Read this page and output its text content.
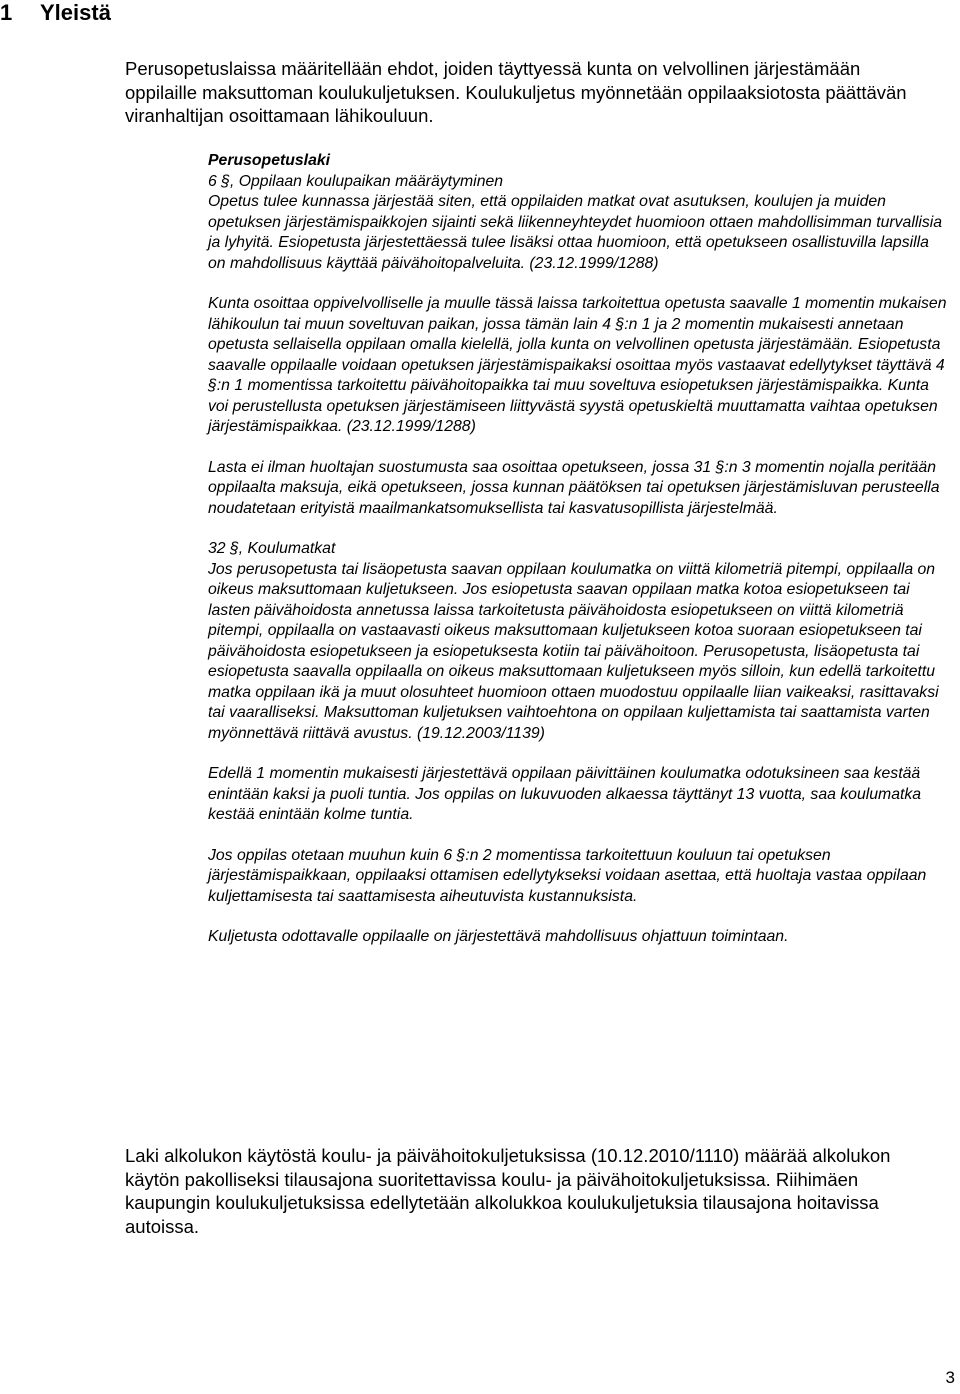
1 Yleistä

Perusopetuslaissa määritellään ehdot, joiden täyttyessä kunta on velvollinen järjestämään oppilaille maksuttoman koulukuljetuksen. Koulukuljetus myönnetään oppilaaksiotosta päättävän viranhaltijan osoittamaan lähikouluun.

Perusopetuslaki

6 §, Oppilaan koulupaikan määräytyminen

Opetus tulee kunnassa järjestää siten, että oppilaiden matkat ovat asutuksen, koulujen ja muiden opetuksen järjestämispaikkojen sijainti sekä liikenneyhteydet huomioon ottaen mahdollisimman turvallisia ja lyhyitä. Esiopetusta järjestettäessä tulee lisäksi ottaa huomioon, että opetukseen osallistuvilla lapsilla on mahdollisuus käyttää päivähoitopalveluita. (23.12.1999/1288)

Kunta osoittaa oppivelvolliselle ja muulle tässä laissa tarkoitettua opetusta saavalle 1 momentin mukaisen lähikoulun tai muun soveltuvan paikan, jossa tämän lain 4 §:n 1 ja 2 momentin mukaisesti annetaan opetusta sellaisella oppilaan omalla kielellä, jolla kunta on velvollinen opetusta järjestämään. Esiopetusta saavalle oppilaalle voidaan opetuksen järjestämispaikaksi osoittaa myös vastaavat edellytykset täyttävä 4 §:n 1 momentissa tarkoitettu päivähoitopaikka tai muu soveltuva esiopetuksen järjestämispaikka. Kunta voi perustellusta opetuksen järjestämiseen liittyvästä syystä opetuskieltä muuttamatta vaihtaa opetuksen järjestämispaikkaa. (23.12.1999/1288)

Lasta ei ilman huoltajan suostumusta saa osoittaa opetukseen, jossa 31 §:n 3 momentin nojalla peritään oppilaalta maksuja, eikä opetukseen, jossa kunnan päätöksen tai opetuksen järjestämisluvan perusteella noudatetaan erityistä maailmankatsomuksellista tai kasvatusopillista järjestelmää.

32 §, Koulumatkat

Jos perusopetusta tai lisäopetusta saavan oppilaan koulumatka on viittä kilometriä pitempi, oppilaalla on oikeus maksuttomaan kuljetukseen. Jos esiopetusta saavan oppilaan matka kotoa esiopetukseen tai lasten päivähoidosta annetussa laissa tarkoitetusta päivähoidosta esiopetukseen on viittä kilometriä pitempi, oppilaalla on vastaavasti oikeus maksuttomaan kuljetukseen kotoa suoraan esiopetukseen tai päivähoidosta esiopetukseen ja esiopetuksesta kotiin tai päivähoitoon. Perusopetusta, lisäopetusta tai esiopetusta saavalla oppilaalla on oikeus maksuttomaan kuljetukseen myös silloin, kun edellä tarkoitettu matka oppilaan ikä ja muut olosuhteet huomioon ottaen muodostuu oppilaalle liian vaikeaksi, rasittavaksi tai vaaralliseksi. Maksuttoman kuljetuksen vaihtoehtona on oppilaan kuljettamista tai saattamista varten myönnettävä riittävä avustus. (19.12.2003/1139)

Edellä 1 momentin mukaisesti järjestettävä oppilaan päivittäinen koulumatka odotuksineen saa kestää enintään kaksi ja puoli tuntia. Jos oppilas on lukuvuoden alkaessa täyttänyt 13 vuotta, saa koulumatka kestää enintään kolme tuntia.

Jos oppilas otetaan muuhun kuin 6 §:n 2 momentissa tarkoitettuun kouluun tai opetuksen järjestämispaikkaan, oppilaaksi ottamisen edellytykseksi voidaan asettaa, että huoltaja vastaa oppilaan kuljettamisesta tai saattamisesta aiheutuvista kustannuksista.

Kuljetusta odottavalle oppilaalle on järjestettävä mahdollisuus ohjattuun toimintaan.

Laki alkolukon käytöstä koulu- ja päivähoitokuljetuksissa (10.12.2010/1110) määrää alkolukon käytön pakolliseksi tilausajona suoritettavissa koulu- ja päivähoitokuljetuksissa. Riihimäen kaupungin koulukuljetuksissa edellytetään alkolukkoa koulukuljetuksia tilausajona hoitavissa autoissa.

3
